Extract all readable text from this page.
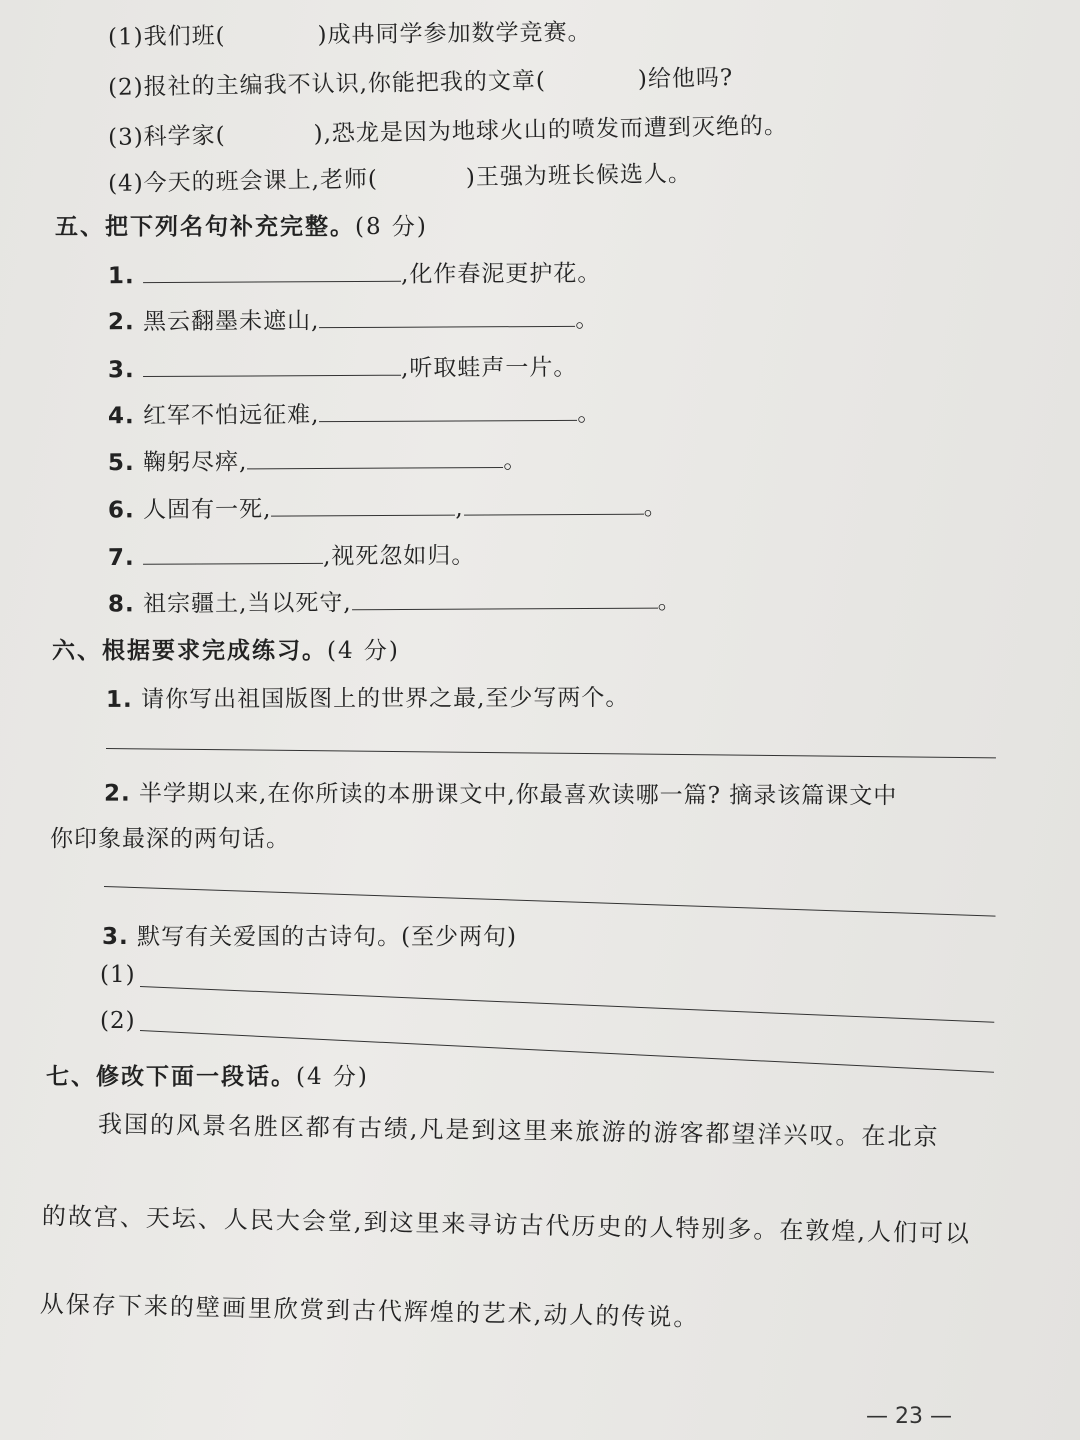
(1)我们班(	)成冉同学参加数学竞赛。
(2)报社的主编我不认识,你能把我的文章(	)给他吗?
(3)科学家(	),恐龙是因为地球火山的喷发而遭到灭绝的。
(4)今天的班会课上,老师(	)王强为班长候选人。
五、把下列名句补充完整。(8 分)
1.	,化作春泥更护花。
2. 黑云翻墨未遮山,	。
3.	,听取蛙声一片。
4. 红军不怕远征难,	。
5. 鞠躬尽瘁,	。
6. 人固有一死,	,	。
7.	,视死忽如归。
8. 祖宗疆土,当以死守,	。
六、根据要求完成练习。(4 分)
1. 请你写出祖国版图上的世界之最,至少写两个。
2. 半学期以来,在你所读的本册课文中,你最喜欢读哪一篇? 摘录该篇课文中
你印象最深的两句话。
3. 默写有关爱国的古诗句。(至少两句)
(1)
(2)
七、修改下面一段话。(4 分)
我国的风景名胜区都有古绩,凡是到这里来旅游的游客都望洋兴叹。在北京
的故宫、天坛、人民大会堂,到这里来寻访古代历史的人特别多。在敦煌,人们可以
从保存下来的壁画里欣赏到古代辉煌的艺术,动人的传说。
— 23 —
